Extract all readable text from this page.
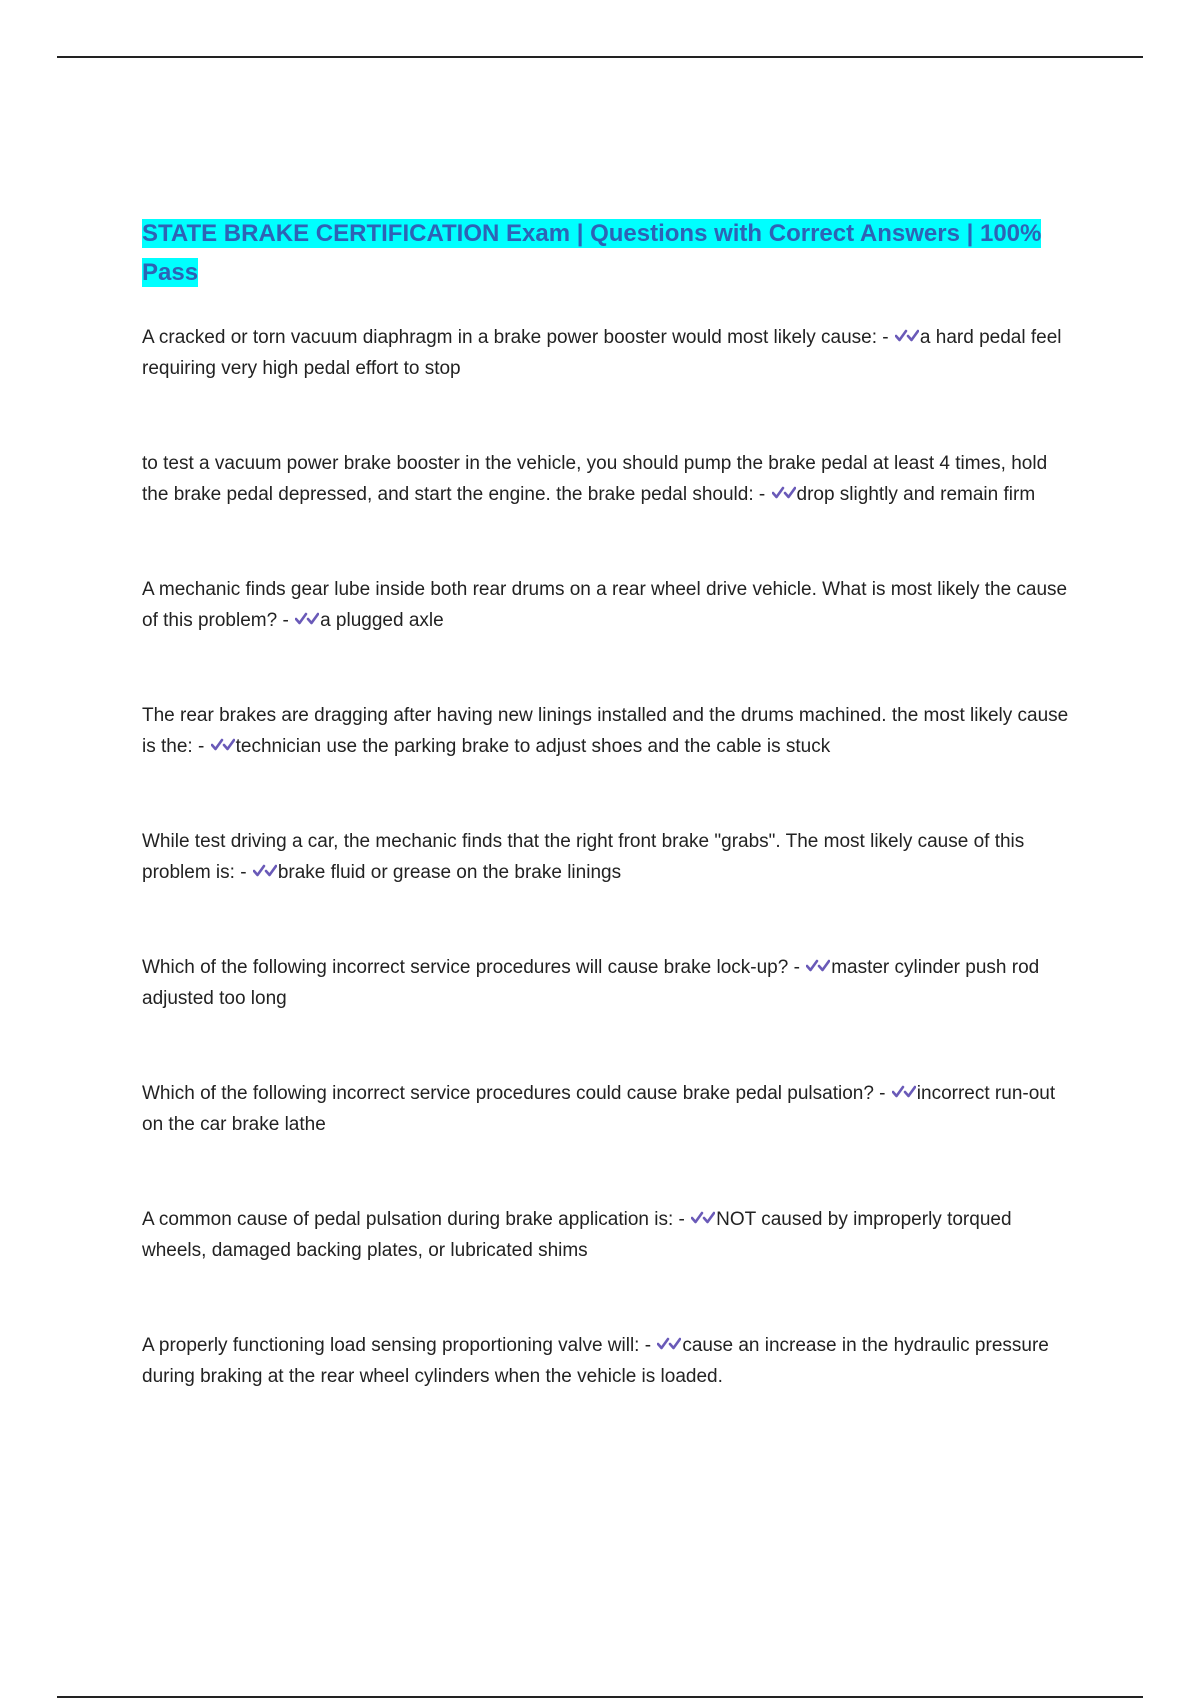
STATE BRAKE CERTIFICATION Exam | Questions with Correct Answers | 100% Pass
A cracked or torn vacuum diaphragm in a brake power booster would most likely cause: -
a hard pedal feel requiring very high pedal effort to stop
to test a vacuum power brake booster in the vehicle, you should pump the brake pedal at least 4 times, hold the brake pedal depressed, and start the engine. the brake pedal should: -
drop slightly and remain firm
A mechanic finds gear lube inside both rear drums on a rear wheel drive vehicle. What is most likely the cause of this problem? -
a plugged axle
The rear brakes are dragging after having new linings installed and the drums machined. the most likely cause is the: -
technician use the parking brake to adjust shoes and the cable is stuck
While test driving a car, the mechanic finds that the right front brake "grabs". The most likely cause of this problem is: -
brake fluid or grease on the brake linings
Which of the following incorrect service procedures will cause brake lock-up? -
master cylinder push rod adjusted too long
Which of the following incorrect service procedures could cause brake pedal pulsation? -
incorrect run-out on the car brake lathe
A common cause of pedal pulsation during brake application is: -
NOT caused by improperly torqued wheels, damaged backing plates, or lubricated shims
A properly functioning load sensing proportioning valve will: -
cause an increase in the hydraulic pressure during braking at the rear wheel cylinders when the vehicle is loaded.
